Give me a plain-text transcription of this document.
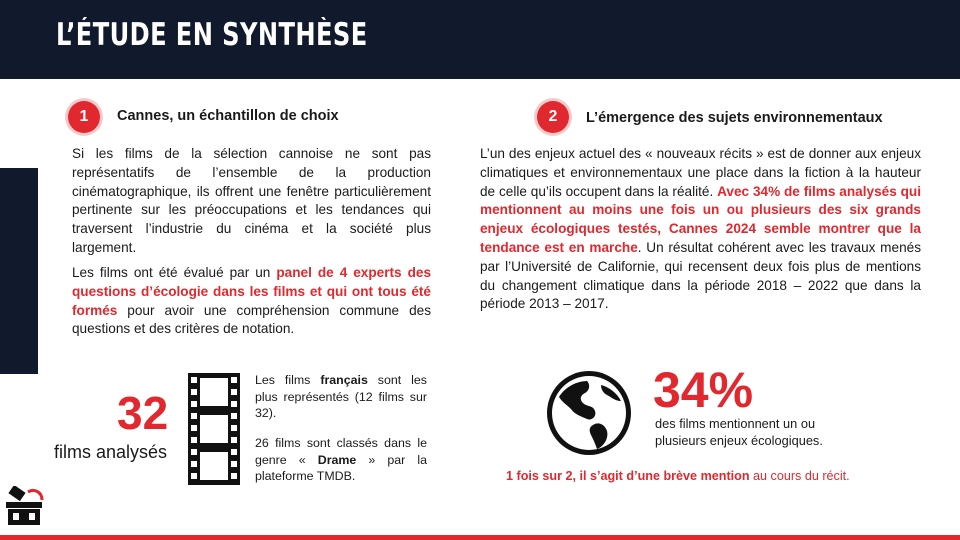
L’ÉTUDE EN SYNTHÈSE
1	Cannes, un échantillon de choix

Si les films de la sélection cannoise ne sont pas représentatifs de l’ensemble de la production cinématographique, ils offrent une fenêtre particulièrement pertinente sur les préoccupations et les tendances qui traversent l’industrie du cinéma et la société plus largement.

Les films ont été évalué par un panel de 4 experts des questions d’écologie dans les films et qui ont tous été formés pour avoir une compréhension commune des questions et des critères de notation.

2	L’émergence des sujets environnementaux

L’un des enjeux actuel des « nouveaux récits » est de donner aux enjeux climatiques et environnementaux une place dans la fiction à la hauteur de celle qu’ils occupent dans la réalité. Avec 34% de films analysés qui mentionnent au moins une fois un ou plusieurs des six grands enjeux écologiques testés, Cannes 2024 semble montrer que la tendance est en marche. Un résultat cohérent avec les travaux menés par l’Université de Californie, qui recensent deux fois plus de mentions du changement climatique dans la période 2018 – 2022 que dans la période 2013 – 2017.

32
films analysés

Les films français sont les plus représentés (12 films sur 32).

26 films sont classés dans le genre « Drame » par la plateforme TMDB.

34%

des films mentionnent un ou plusieurs enjeux écologiques.

1 fois sur 2, il s’agit d’une brève mention au cours du récit.
